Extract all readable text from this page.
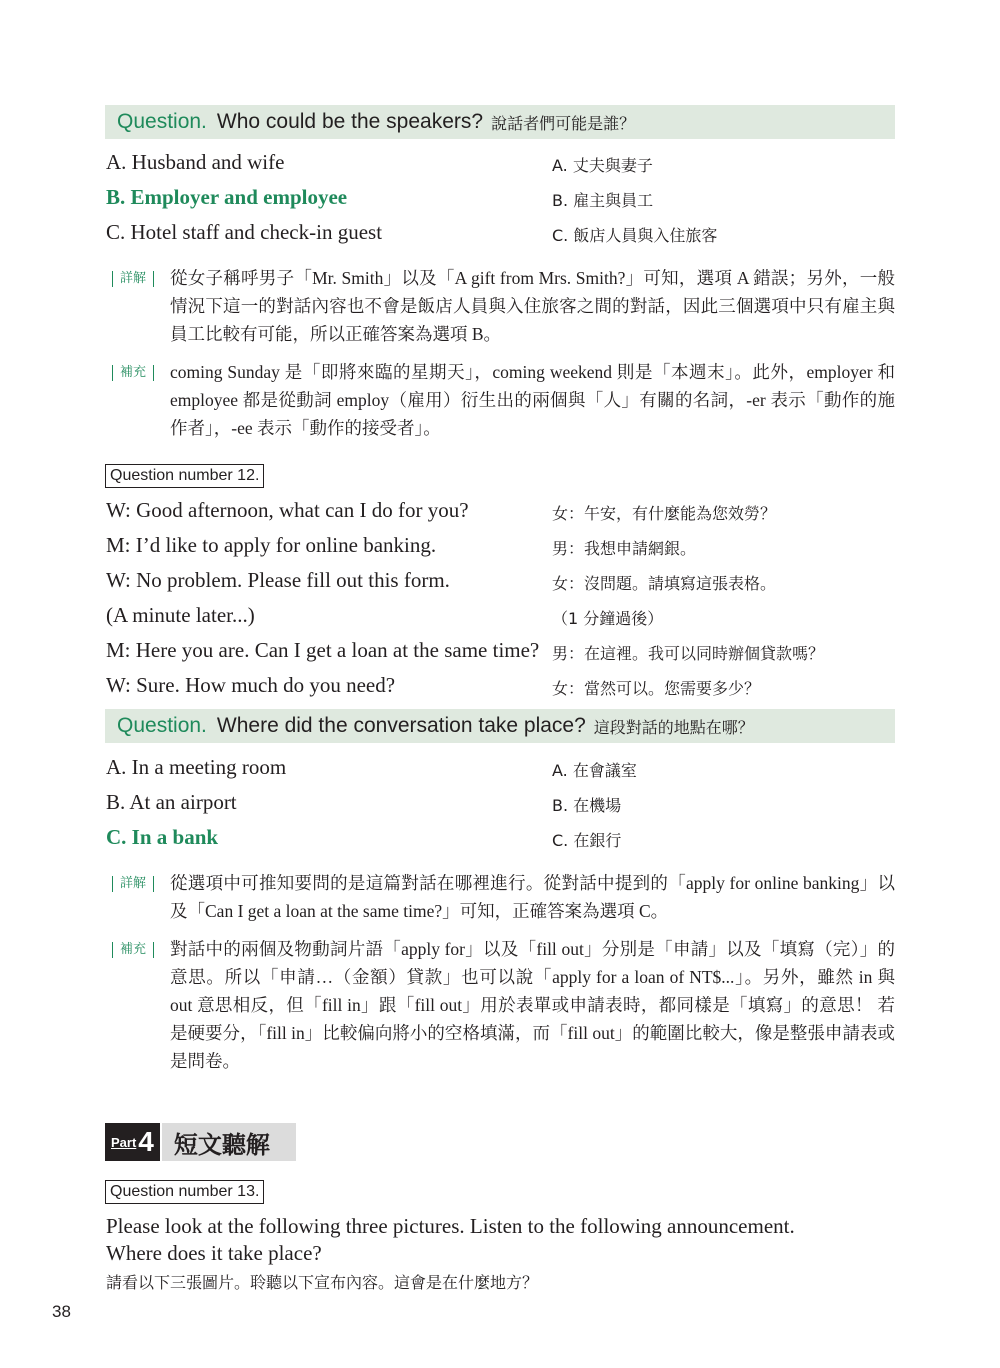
Question. Who could be the speakers? 說話者們可能是誰？
A. Husband and wife	A. 丈夫與妻子
B. Employer and employee	B. 雇主與員工
C. Hotel staff and check-in guest	C. 飯店人員與入住旅客
詳解	從女子稱呼男子「Mr. Smith」以及「A gift from Mrs. Smith?」可知，選項 A 錯誤；另外，一般情況下這一的對話內容也不會是飯店人員與入住旅客之間的對話，因此三個選項中只有雇主與員工比較有可能，所以正確答案為選項 B。
補充	coming Sunday 是「即將來臨的星期天」，coming weekend 則是「本週末」。此外，employer 和 employee 都是從動詞 employ（雇用）衍生出的兩個與「人」有關的名詞，-er 表示「動作的施作者」，-ee 表示「動作的接受者」。
Question number 12.
W: Good afternoon, what can I do for you?	女：午安，有什麼能為您效勞？
M: I’d like to apply for online banking.	男：我想申請網銀。
W: No problem. Please fill out this form.	女：沒問題。請填寫這張表格。
(A minute later...)	（1 分鐘過後）
M: Here you are. Can I get a loan at the same time? 男：在這裡。我可以同時辦個貸款嗎？
W: Sure. How much do you need?	女：當然可以。您需要多少？
Question. Where did the conversation take place? 這段對話的地點在哪？
A. In a meeting room	A. 在會議室
B. At an airport	B. 在機場
C. In a bank	C. 在銀行
詳解	從選項中可推知要問的是這篇對話在哪裡進行。從對話中提到的「apply for online banking」以及「Can I get a loan at the same time?」可知，正確答案為選項 C。
補充	對話中的兩個及物動詞片語「apply for」以及「fill out」分別是「申請」以及「填寫（完）」的意思。所以「申請…（金額）貸款」也可以說「apply for a loan of NT$...」。另外，雖然 in 與 out 意思相反，但「fill in」跟「fill out」用於表單或申請表時，都同樣是「填寫」的意思！ 若是硬要分，「fill in」比較偏向將小的空格填滿，而「fill out」的範圍比較大，像是整張申請表或是問卷。
Part 4 短文聽解
Question number 13.
Please look at the following three pictures. Listen to the following announcement.
Where does it take place?
請看以下三張圖片。聆聽以下宣布內容。這會是在什麼地方？
38
